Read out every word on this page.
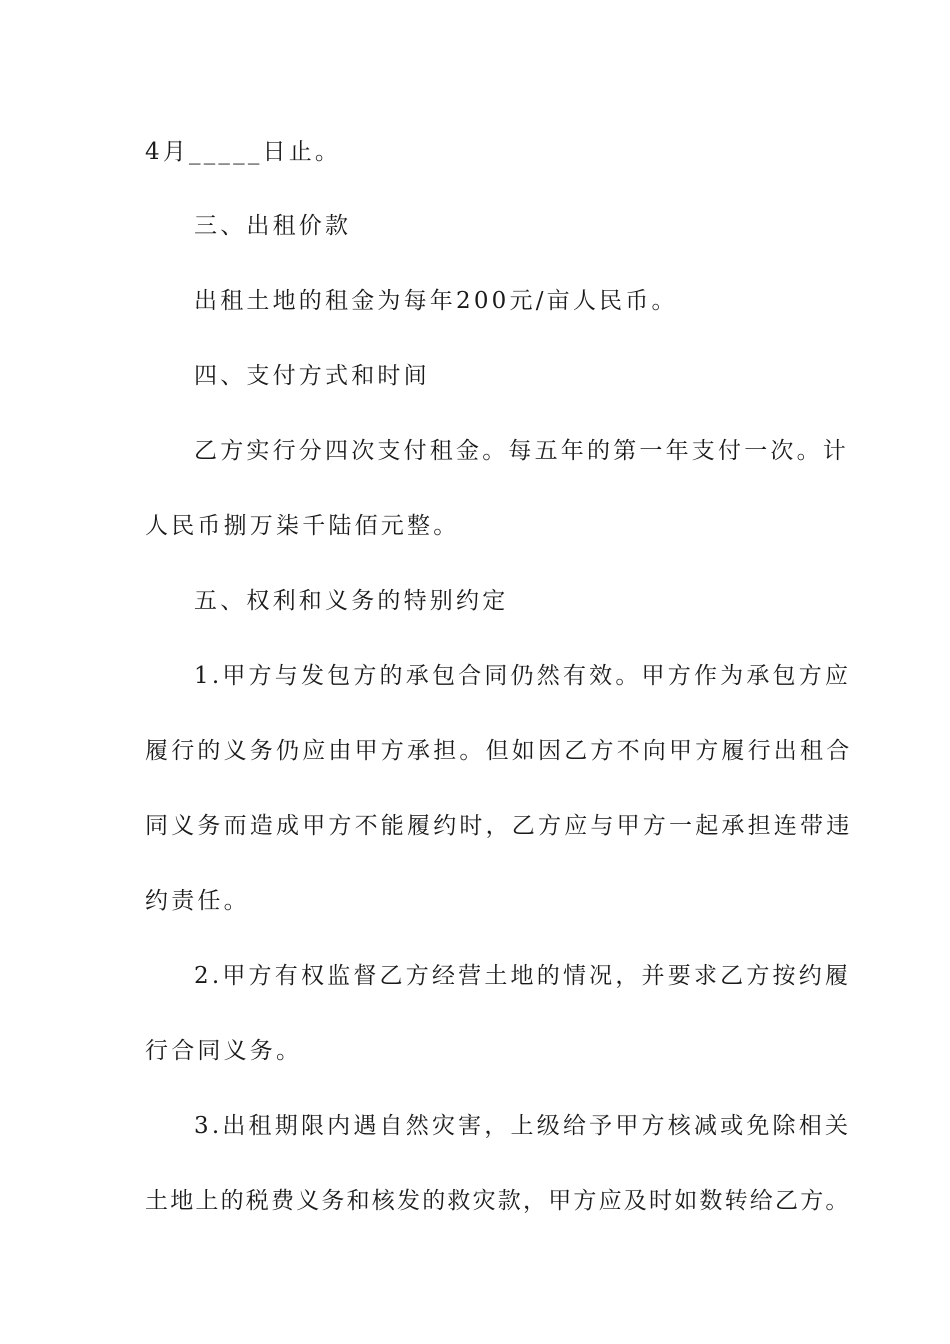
4月_____日止。
三、出租价款
出租土地的租金为每年200元/亩人民币。
四、支付方式和时间
乙方实行分四次支付租金。每五年的第一年支付一次。计
人民币捌万柒千陆佰元整。
五、权利和义务的特别约定
1.甲方与发包方的承包合同仍然有效。甲方作为承包方应
履行的义务仍应由甲方承担。但如因乙方不向甲方履行出租合
同义务而造成甲方不能履约时，乙方应与甲方一起承担连带违
约责任。
2.甲方有权监督乙方经营土地的情况，并要求乙方按约履
行合同义务。
3.出租期限内遇自然灾害，上级给予甲方核减或免除相关
土地上的税费义务和核发的救灾款，甲方应及时如数转给乙方。
